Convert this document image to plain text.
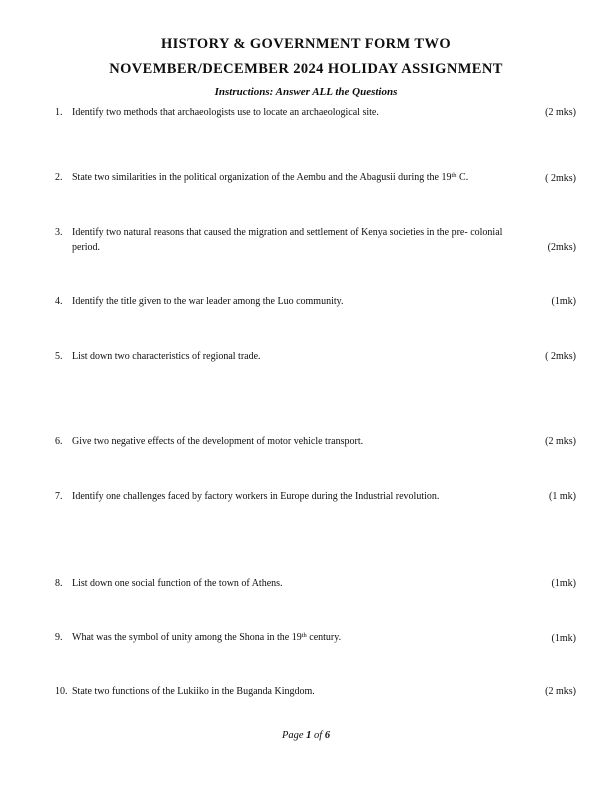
HISTORY & GOVERNMENT FORM TWO
NOVEMBER/DECEMBER 2024 HOLIDAY ASSIGNMENT
Instructions: Answer ALL the Questions
1. Identify two methods that archaeologists use to locate an archaeological site.	(2 mks)
2. State two similarities in the political organization of the Aembu and the Abagusii during the 19th C.	( 2mks)
3. Identify two natural reasons that caused the migration and settlement of Kenya societies in the pre- colonial
period.	(2mks)
4. Identify the title given to the war leader among the Luo community.	(1mk)
5. List down two characteristics of regional trade.	( 2mks)
6. Give two negative effects of the development of motor vehicle transport.	(2 mks)
7. Identify one challenges faced by factory workers in Europe during the Industrial revolution.	(1 mk)
8. List down one social function of the town of Athens.	(1mk)
9. What was the symbol of unity among the Shona in the 19th century.	(1mk)
10. State two functions of the Lukiiko in the Buganda Kingdom.	(2 mks)
Page 1 of 6
